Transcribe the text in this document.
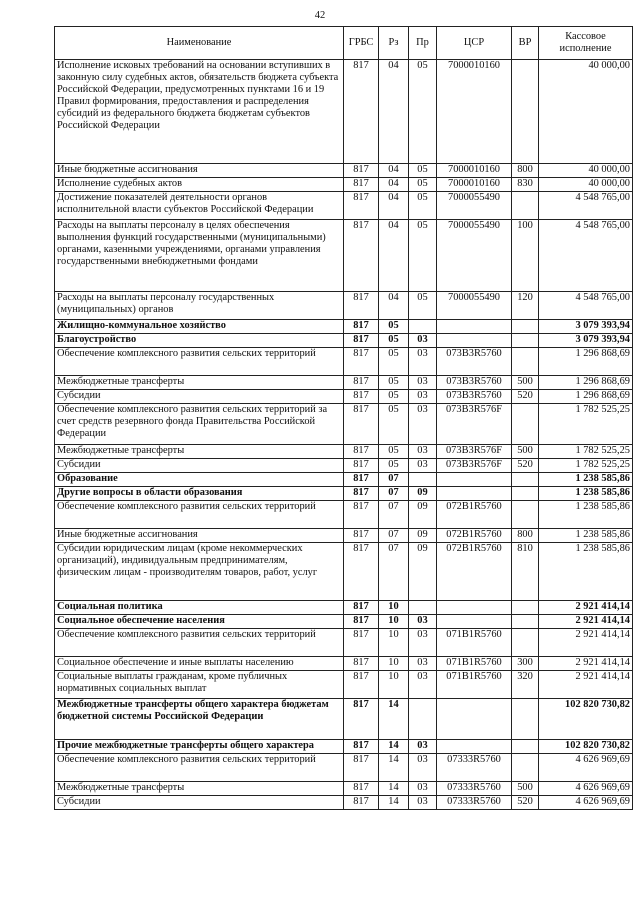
42
Наименование	ГРБС	Рз	Пр	ЦСР	ВР	Кассовое исполнение
Исполнение исковых требований на основании вступивших в законную силу судебных актов, обязательств бюджета субъекта Российской Федерации, предусмотренных пунктами 16 и 19 Правил формирования, предоставления и распределения субсидий из федерального бюджета бюджетам субъектов Российской Федерации	817	04	05	7000010160		40 000,00
Иные бюджетные ассигнования	817	04	05	7000010160	800	40 000,00
Исполнение судебных актов	817	04	05	7000010160	830	40 000,00
Достижение показателей деятельности органов исполнительной власти субъектов Российской Федерации	817	04	05	7000055490		4 548 765,00
Расходы на выплаты персоналу в целях обеспечения выполнения функций государственными (муниципальными) органами, казенными учреждениями, органами управления государственными внебюджетными фондами	817	04	05	7000055490	100	4 548 765,00
Расходы на выплаты персоналу государственных (муниципальных) органов	817	04	05	7000055490	120	4 548 765,00
Жилищно-коммунальное хозяйство	817	05				3 079 393,94
Благоустройство	817	05	03			3 079 393,94
Обеспечение комплексного развития сельских территорий	817	05	03	073B3R5760		1 296 868,69
Межбюджетные трансферты	817	05	03	073B3R5760	500	1 296 868,69
Субсидии	817	05	03	073B3R5760	520	1 296 868,69
Обеспечение комплексного развития сельских территорий за счет средств резервного фонда Правительства Российской Федерации	817	05	03	073B3R576F		1 782 525,25
Межбюджетные трансферты	817	05	03	073B3R576F	500	1 782 525,25
Субсидии	817	05	03	073B3R576F	520	1 782 525,25
Образование	817	07				1 238 585,86
Другие вопросы в области образования	817	07	09			1 238 585,86
Обеспечение комплексного развития сельских территорий	817	07	09	072B1R5760		1 238 585,86
Иные бюджетные ассигнования	817	07	09	072B1R5760	800	1 238 585,86
Субсидии юридическим лицам (кроме некоммерческих организаций), индивидуальным предпринимателям, физическим лицам - производителям товаров, работ, услуг	817	07	09	072B1R5760	810	1 238 585,86
Социальная политика	817	10				2 921 414,14
Социальное обеспечение населения	817	10	03			2 921 414,14
Обеспечение комплексного развития сельских территорий	817	10	03	071B1R5760		2 921 414,14
Социальное обеспечение и иные выплаты населению	817	10	03	071B1R5760	300	2 921 414,14
Социальные выплаты гражданам, кроме публичных нормативных социальных выплат	817	10	03	071B1R5760	320	2 921 414,14
Межбюджетные трансферты общего характера бюджетам бюджетной системы Российской Федерации	817	14				102 820 730,82
Прочие межбюджетные трансферты общего характера	817	14	03			102 820 730,82
Обеспечение комплексного развития сельских территорий	817	14	03	07333R5760		4 626 969,69
Межбюджетные трансферты	817	14	03	07333R5760	500	4 626 969,69
Субсидии	817	14	03	07333R5760	520	4 626 969,69
